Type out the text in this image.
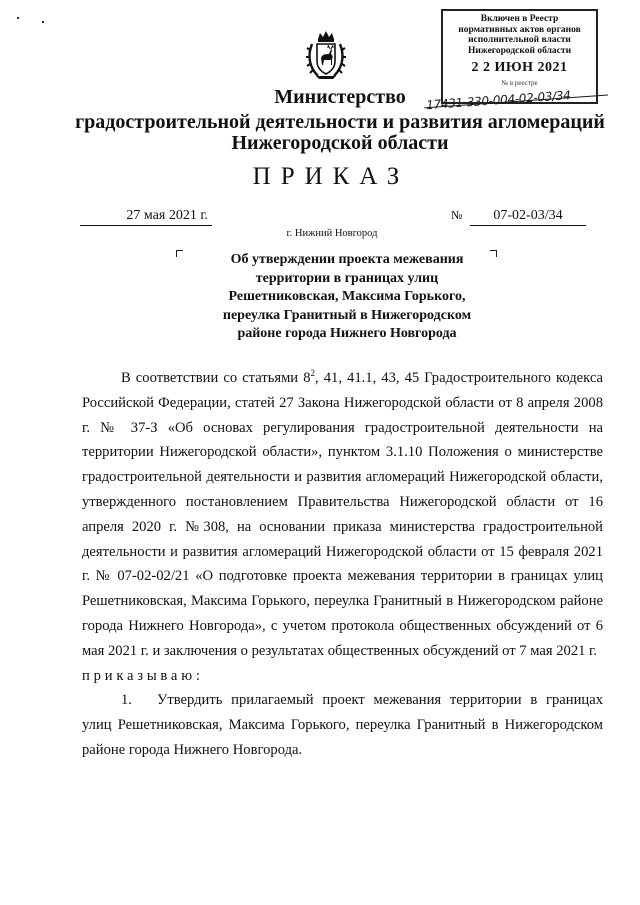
Включен в Реестр
нормативных актов органов
исполнительной власти
Нижегородской области
2 2 ИЮН 2021
№ в реестре
17431-330-004-02-03/34
Министерство
градостроительной деятельности и развития агломераций
Нижегородской области
ПРИКАЗ
27 мая 2021 г.
г. Нижний Новгород
№	07-02-03/34
Об утверждении проекта межевания территории в границах улиц Решетниковская, Максима Горького, переулка Гранитный в Нижегородском районе города Нижнего Новгорода

В соответствии со статьями $8^2$, 41, 41.1, 43, 45 Градостроительного кодекса Российской Федерации, статей 27 Закона Нижегородской области от 8 апреля 2008 г. № 37-З «Об основах регулирования градостроительной деятельности на территории Нижегородской области», пунктом 3.1.10 Положения о министерстве градостроительной деятельности и развития агломераций Нижегородской области, утвержденного постановлением Правительства Нижегородской области от 16 апреля 2020 г. №308, на основании приказа министерства градостроительной деятельности и развития агломераций Нижегородской области от 15 февраля 2021 г. № 07-02-02/21 «О подготовке проекта межевания территории в границах улиц Решетниковская, Максима Горького, переулка Гранитный в Нижегородском районе города Нижнего Новгорода», с учетом протокола общественных обсуждений от 6 мая 2021 г. и заключения о результатах общественных обсуждений от 7 мая 2021 г.

приказываю:

1. Утвердить прилагаемый проект межевания территории в границах улиц Решетниковская, Максима Горького, переулка Гранитный в Нижегородском районе города Нижнего Новгорода.
